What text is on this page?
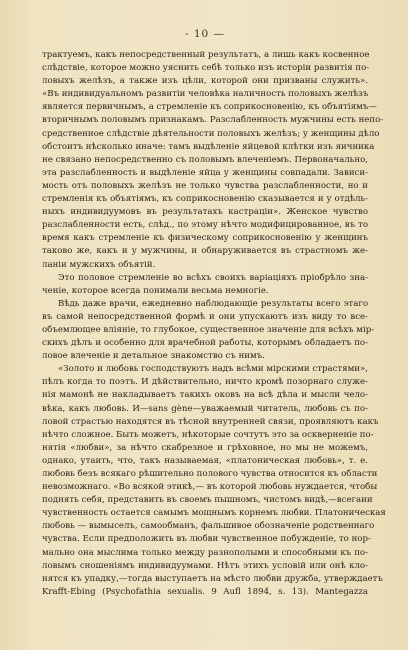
- 10 —

трактуемъ, какъ непосредственный результатъ, а лишь какъ косвенное
слѣдствіе, которое можно уяснить себѣ только изъ исторіи развитія по-
ловыхъ желѣзъ, а также изъ цѣли, которой они призваны служить».
«Въ индивидуальномъ развитіи человѣка наличность половыхъ желѣзъ
является первичнымъ, а стремленіе къ соприкосновенію, къ объятіямъ—
вторичнымъ половымъ признакамъ. Разслабленность мужчины есть непо-
средственное слѣдствіе дѣятельности половыхъ желѣзъ; у женщины дѣло
обстоитъ нѣсколько иначе: тамъ выдѣленіе яйцевой клѣтки изъ яичника
не связано непосредственно съ половымъ влеченіемъ. Первоначально,
эта разслабленность и выдѣленіе яйца у женщины совпадали. Зависи-
мость отъ половыхъ желѣзъ не только чувства разслабленности, но и
стремленія къ объятіямъ, къ соприкосновенію сказывается и у отдѣль-
ныхъ индивидуумовъ въ результатахъ кастраціи». Женское чувство
разслабленности есть, слѣд., по этому нѣчто модифицированное, въ то
время какъ стремленіе къ физическому соприкосновенію у женщинъ
таково же, какъ и у мужчины, и обнаруживается въ страстномъ же-
ланіи мужскихъ объятій.

Это половое стремленіе во всѣхъ своихъ варіаціяхъ пріобрѣло зна-
ченіе, которое всегда понимали весьма немногіе.

Вѣдь даже врачи, ежедневно наблюдающіе результаты всего этаго
въ самой непосредственной формѣ и они упускаютъ изъ виду то все-
объемлющее вліяніе, то глубокое, существенное значеніе для всѣхъ мір-
скихъ дѣлъ и особенно для врачебной работы, которымъ обладаетъ по-
ловое влеченіе и детальное знакомство съ нимъ.

«Золото и любовь господствуютъ надъ всѣми мірскими страстями»,
пѣлъ когда то поэтъ. И дѣйствительно, ничто кромѣ позорнаго служе-
нія мамонѣ не накладываетъ такихъ оковъ на всѣ дѣла и мысли чело-
вѣка, какъ любовь. И—sans gène—уважаемый читатель, любовь съ по-
ловой страстью находятся въ тѣсной внутренней связи, проявляютъ какъ
нѣчто сложное. Быть можетъ, нѣкоторые сочтутъ это за оскверненіе по-
нятія «любви», за нѣчто скабрезное и грѣховное, но мы не можемъ,
однако, утаить, что, такъ называемая, «платоническая любовь», т. е.
любовь безъ всякаго рѣшительно полового чувства относится къ области
невозможнаго. «Во всякой этикѣ,— въ которой любовь нуждается, чтобы
поднять себя, представить въ своемъ пышномъ, чистомъ видѣ,—всегаии
чувственность остается самымъ мощнымъ корнемъ любви. Платоническая
любовь — вымыселъ, самообманъ, фальшивое обозначеніе родственнаго
чувства. Если предположить въ любви чувственное побужденіе, то нор-
мально она мыслима только между разнополыми и способными къ по-
ловымъ сношеніямъ индивидуумами. Нѣтъ этихъ условій или онѣ кло-
нятся къ упадку,—тогда выступаетъ на мѣсто любви дружба, утверждаетъ
Krafft-Ebing (Psychofathia sexualis. 9 Aufl 1894, s. 13). Mantegazza
